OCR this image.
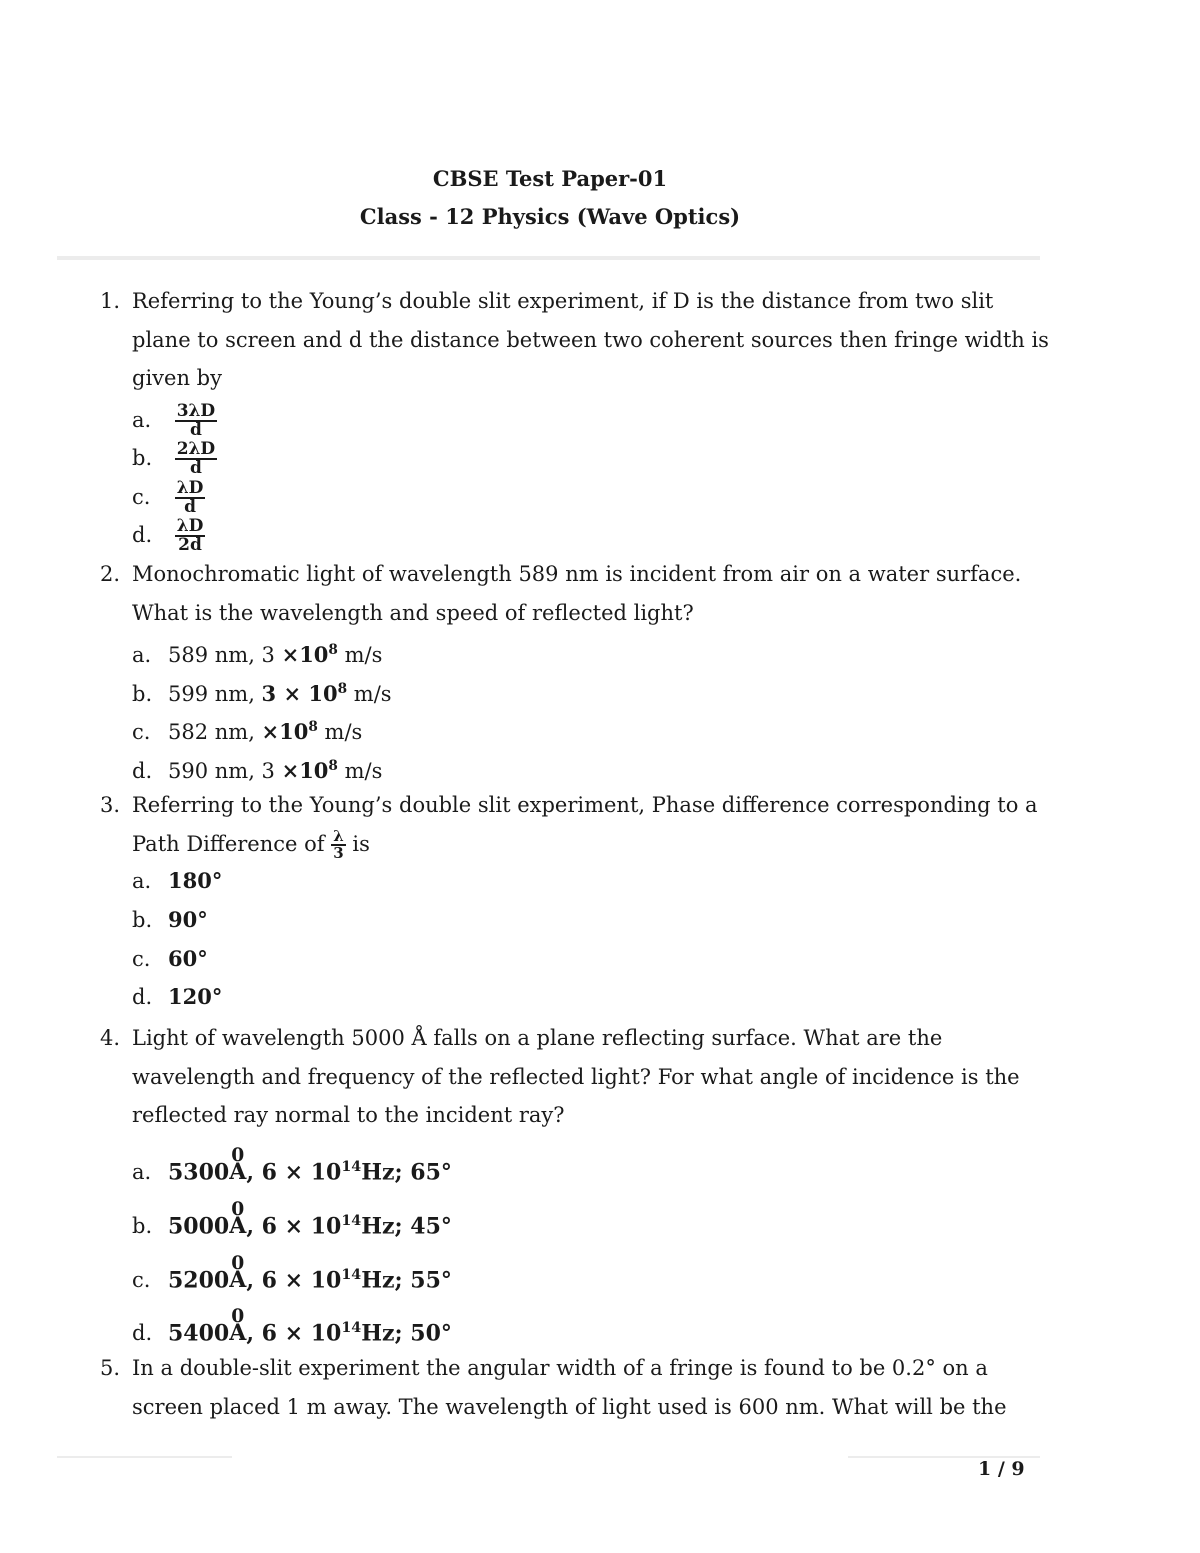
CBSE Test Paper-01
Class - 12 Physics (Wave Optics)
1. Referring to the Young’s double slit experiment, if D is the distance from two slit plane to screen and d the distance between two coherent sources then fringe width is given by
a. $\frac{3\lambda D}{d}$
b. $\frac{2\lambda D}{d}$
c. $\frac{\lambda D}{d}$
d. $\frac{\lambda D}{2d}$
2. Monochromatic light of wavelength 589 nm is incident from air on a water surface. What is the wavelength and speed of reflected light?
a. 589 nm, $3 \times 10^8$ m/s
b. 599 nm, $3 \times 10^8$ m/s
c. 582 nm, $\times 10^8$ m/s
d. 590 nm, $3 \times 10^8$ m/s
3. Referring to the Young’s double slit experiment, Phase difference corresponding to a Path Difference of $\frac{\lambda}{3}$ is
a. 180°
b. 90°
c. 60°
d. 120°
4. Light of wavelength 5000 Å falls on a plane reflecting surface. What are the wavelength and frequency of the reflected light? For what angle of incidence is the reflected ray normal to the incident ray?
a. 5300A
0
, $6 \times 10^{14}Hz$; 65°
b. 5000A
0
, $6 \times 10^{14}Hz$; 45°
c. 5200A
0
, $6 \times 10^{14}Hz$; 55°
d. 5400A
0
, $6 \times 10^{14}Hz$; 50°
5. In a double-slit experiment the angular width of a fringe is found to be 0.2° on a screen placed 1 m away. The wavelength of light used is 600 nm. What will be the
1 / 9
